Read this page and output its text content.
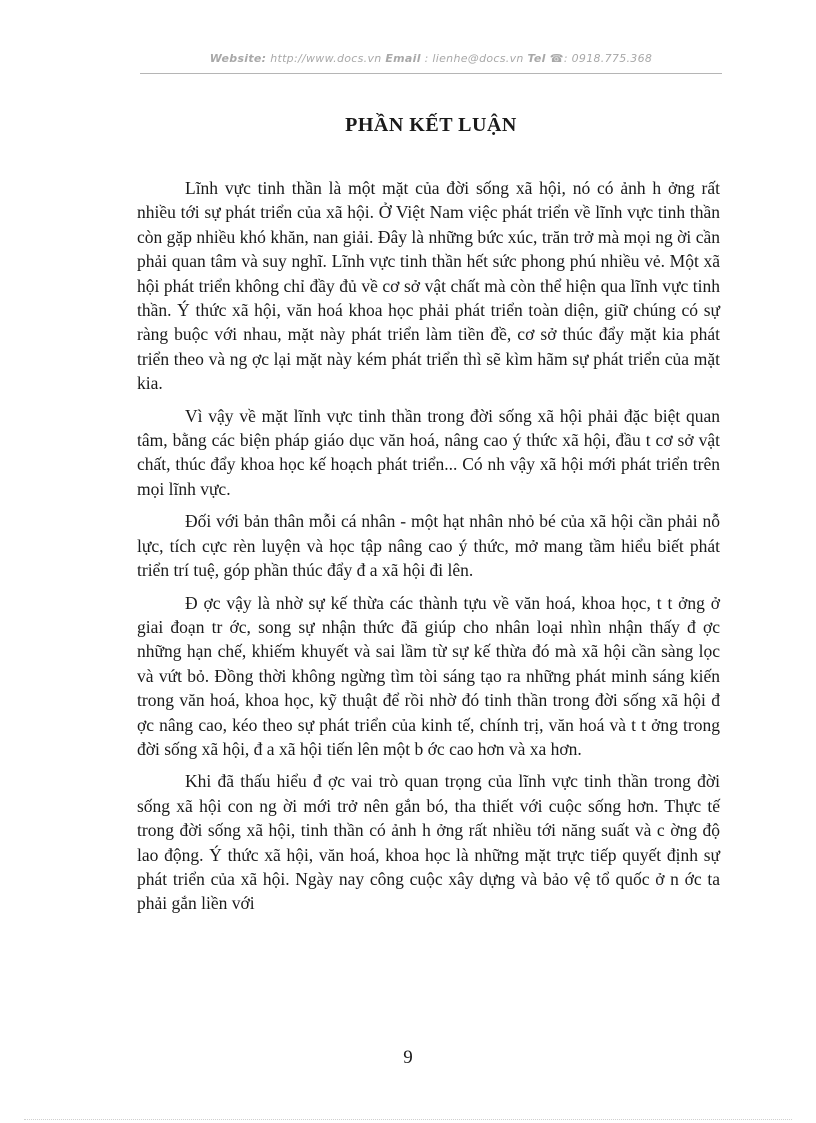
Website: http://www.docs.vn Email : lienhe@docs.vn Tel ☎: 0918.775.368
PHẦN KẾT LUẬN

Lĩnh vực tinh thần là một mặt của đời sống xã hội, nó có ảnh h ởng rất nhiều tới sự phát triển của xã hội. Ở Việt Nam việc phát triển về lĩnh vực tinh thần còn gặp nhiều khó khăn, nan giải. Đây là những bức xúc, trăn trở mà mọi ng ời cần phải quan tâm và suy nghĩ. Lĩnh vực tinh thần hết sức phong phú nhiều vẻ. Một xã hội phát triển không chỉ đầy đủ về cơ sở vật chất mà còn thể hiện qua lĩnh vực tinh thần. Ý thức xã hội, văn hoá khoa học phải phát triển toàn diện, giữ chúng có sự ràng buộc với nhau, mặt này phát triển làm tiền đề, cơ sở thúc đẩy mặt kia phát triển theo và ng ợc lại mặt này kém phát triển thì sẽ kìm hãm sự phát triển của mặt kia.

Vì vậy về mặt lĩnh vực tinh thần trong đời sống xã hội phải đặc biệt quan tâm, bằng các biện pháp giáo dục văn hoá, nâng cao ý thức xã hội, đầu t cơ sở vật chất, thúc đẩy khoa học kế hoạch phát triển... Có nh vậy xã hội mới phát triển trên mọi lĩnh vực.

Đối với bản thân mỗi cá nhân - một hạt nhân nhỏ bé của xã hội cần phải nỗ lực, tích cực rèn luyện và học tập nâng cao ý thức, mở mang tầm hiểu biết phát triển trí tuệ, góp phần thúc đẩy đ a xã hội đi lên.

Đ ợc vậy là nhờ sự kế thừa các thành tựu về văn hoá, khoa học, t t ởng ở giai đoạn tr ớc, song sự nhận thức đã giúp cho nhân loại nhìn nhận thấy đ ợc những hạn chế, khiếm khuyết và sai lầm từ sự kế thừa đó mà xã hội cần sàng lọc và vứt bỏ. Đồng thời không ngừng tìm tòi sáng tạo ra những phát minh sáng kiến trong văn hoá, khoa học, kỹ thuật để rồi nhờ đó tinh thần trong đời sống xã hội đ ợc nâng cao, kéo theo sự phát triển của kinh tế, chính trị, văn hoá và t t ởng trong đời sống xã hội, đ a xã hội tiến lên một b ớc cao hơn và xa hơn.

Khi đã thấu hiểu đ ợc vai trò quan trọng của lĩnh vực tinh thần trong đời sống xã hội con ng ời mới trở nên gắn bó, tha thiết với cuộc sống hơn. Thực tế trong đời sống xã hội, tinh thần có ảnh h ởng rất nhiều tới năng suất và c ờng độ lao động. Ý thức xã hội, văn hoá, khoa học là những mặt trực tiếp quyết định sự phát triển của xã hội. Ngày nay công cuộc xây dựng và bảo vệ tổ quốc ở n ớc ta phải gắn liền với

9
